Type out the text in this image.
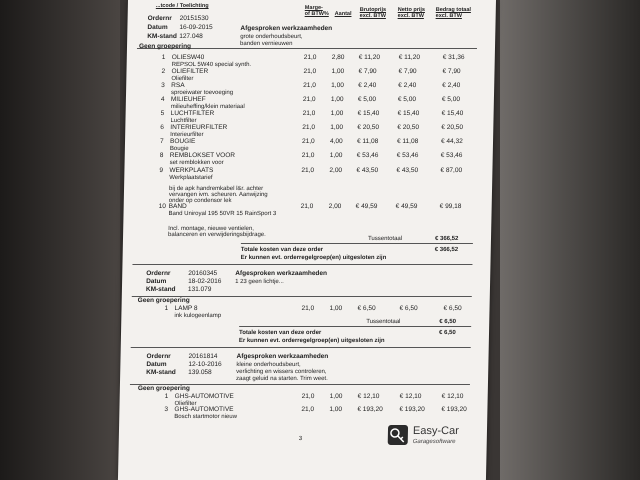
...tcode / Toelichting	Marge-
of BTW% Aantal
Brutoprijs
excl. BTW
Netto prijs
excl. BTW
Bedrag totaal
excl. BTW
Ordernr 20151530
Datum 16-09-2015
KM-stand 127.048
Afgesproken werkzaamheden
grote onderhoudsbeurt,
banden vernieuwen
Geen groepering
1 OLIESW40
REPSOL 5W40 special synth.
21,0 2,80 € 11,20	€ 11,20	€ 31,36
2 OLIEFILTER
Oliefilter
21,0 1,00 € 7,90	€ 7,90	€ 7,90
3 RSA
sproeiwater toevoeging
21,0 1,00 € 2,40	€ 2,40	€ 2,40
4 MILIEUHEF
milieuheffing/klein materiaal
21,0 1,00 € 5,00	€ 5,00	€ 5,00
5 LUCHTFILTER
Luchtfilter
21,0 1,00 € 15,40	€ 15,40	€ 15,40
6 INTERIEURFILTER
Interieurfilter
21,0 1,00 € 20,50	€ 20,50	€ 20,50
7 BOUGIE
Bougie
21,0 4,00 € 11,08	€ 11,08	€ 44,32
8 REMBLOKSET VOOR
set remblokken voor
21,0 1,00 € 53,46	€ 53,46	€ 53,46
9 WERKPLAATS
Werkplaatstarief
21,0 2,00 € 43,50	€ 43,50	€ 87,00
10 BAND
Band Uniroyal 195 50VR 15 RainSport 3
21,0 2,00 € 49,59	€ 49,59	€ 99,18
bij de apk handremkabel l&r. achter
vervangen ivm. scheuren. Aanwijzing
onder op condensor lek
Incl. montage, nieuwe ventielen,
balanceren en verwijderingsbijdrage.
Tussentotaal	€ 366,52
Totale kosten van deze order	€ 366,52
Er kunnen evt. orderregelgroep(en) uitgesloten zijn
Ordernr	20160345
Datum	18-02-2016
KM-stand 131.079
Afgesproken werkzaamheden
1 23 geen lichtje...
Geen groepering
1 LAMP 8
ink kulogeenlamp
21,0 1,00 € 6,50	€ 6,50	€ 6,50
Tussentotaal	€ 6,50
Totale kosten van deze order	€ 6,50
Er kunnen evt. orderregelgroep(en) uitgesloten zijn
Ordernr	20161814
Datum	12-10-2016
KM-stand 139.058
Afgesproken werkzaamheden
kleine onderhoudsbeurt,
verlichting en wissers controleren,
zaagt geluid na starten. Trim weet.
Geen groepering
1 GHS-AUTOMOTIVE
Oliefilter
21,0 1,00 € 12,10	€ 12,10	€ 12,10
3 GHS-AUTOMOTIVE
Bosch startmotor nieuw
21,0 1,00 € 193,20	€ 193,20	€ 193,20
3
Easy-Car
Garagesoftware
